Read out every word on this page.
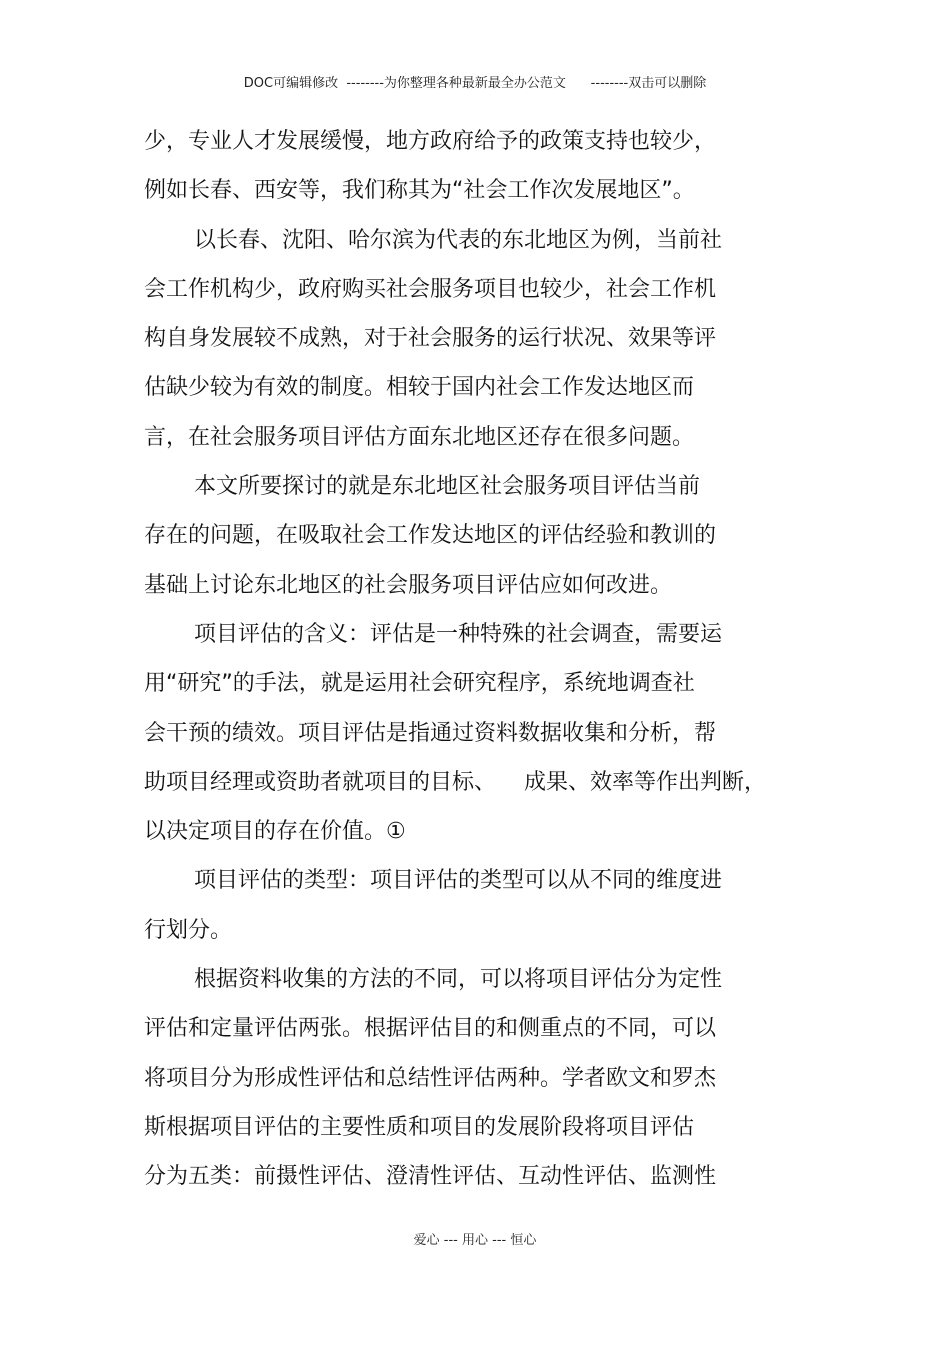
DOC可编辑修改  --------为你整理各种最新最全办公范文      --------双击可以删除
少，专业人才发展缓慢，地方政府给予的政策支持也较少，
例如长春、西安等，我们称其为“社会工作次发展地区”。
以长春、沈阳、哈尔滨为代表的东北地区为例，当前社
会工作机构少，政府购买社会服务项目也较少，社会工作机
构自身发展较不成熟，对于社会服务的运行状况、效果等评
估缺少较为有效的制度。相较于国内社会工作发达地区而
言，在社会服务项目评估方面东北地区还存在很多问题。
本文所要探讨的就是东北地区社会服务项目评估当前
存在的问题，在吸取社会工作发达地区的评估经验和教训的
基础上讨论东北地区的社会服务项目评估应如何改进。
项目评估的含义：评估是一种特殊的社会调查，需要运
用“研究”的手法，就是运用社会研究程序，系统地调查社
会干预的绩效。项目评估是指通过资料数据收集和分析，帮
助项目经理或资助者就项目的目标、    成果、效率等作出判断，
以决定项目的存在价值。①
项目评估的类型：项目评估的类型可以从不同的维度进
行划分。
根据资料收集的方法的不同，可以将项目评估分为定性
评估和定量评估两张。根据评估目的和侧重点的不同，可以
将项目分为形成性评估和总结性评估两种。学者欧文和罗杰
斯根据项目评估的主要性质和项目的发展阶段将项目评估
分为五类：前摄性评估、澄清性评估、互动性评估、监测性
爱心 --- 用心 --- 恒心
